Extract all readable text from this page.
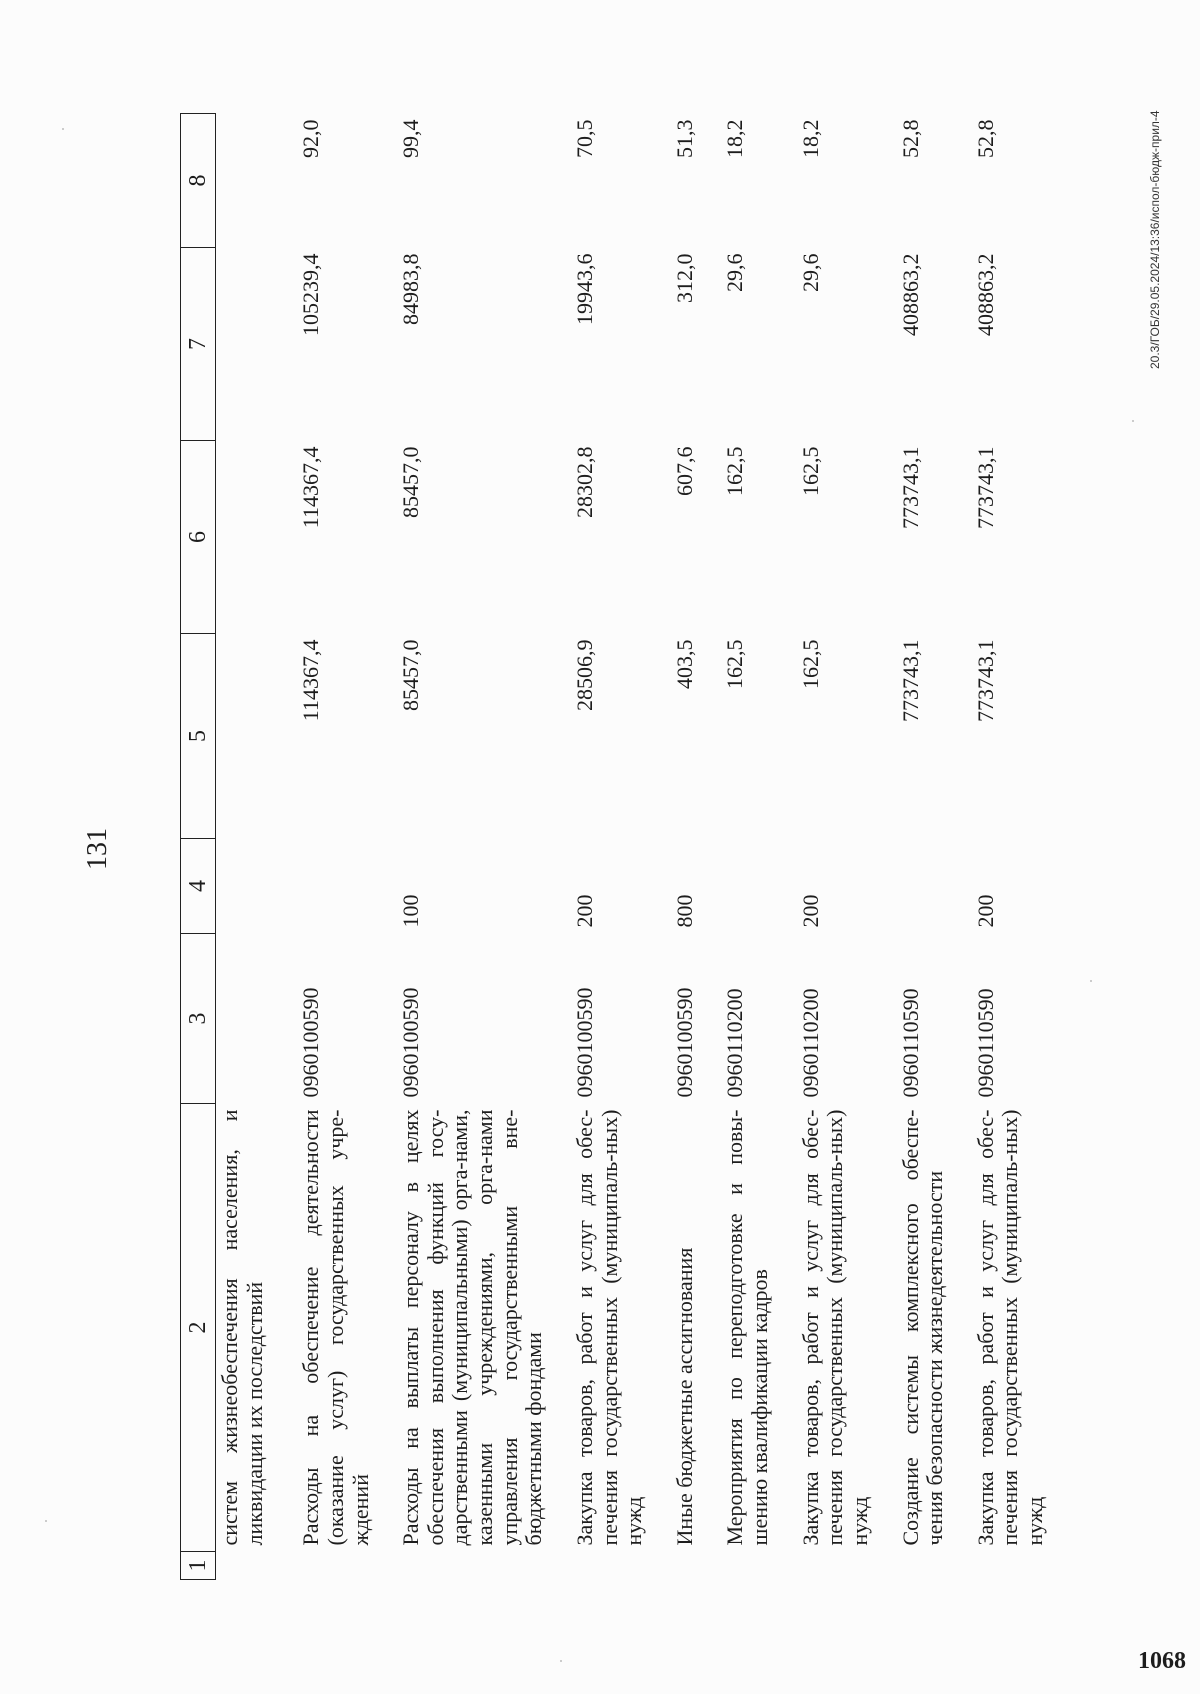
131
1	2	3	4	5	6	7	8
	систем жизнеобеспечения населения, и ликвидации их последствий						
	Расходы на обеспечение деятельности (оказание услуг) государственных учре-ждений	0960100590		114367,4	114367,4	105239,4	92,0
	Расходы на выплаты персоналу в целях обеспечения выполнения функций госу-дарственными (муниципальными) орга-нами, казенными учреждениями, орга-нами управления государственными вне-бюджетными фондами	0960100590	100	85457,0	85457,0	84983,8	99,4
	Закупка товаров, работ и услуг для обес-печения государственных (муниципаль-ных) нужд	0960100590	200	28506,9	28302,8	19943,6	70,5
	Иные бюджетные ассигнования	0960100590	800	403,5	607,6	312,0	51,3
	Мероприятия по переподготовке и повы-шению квалификации кадров	0960110200		162,5	162,5	29,6	18,2
	Закупка товаров, работ и услуг для обес-печения государственных (муниципаль-ных) нужд	0960110200	200	162,5	162,5	29,6	18,2
	Создание системы комплексного обеспе-чения безопасности жизнедеятельности	0960110590		773743,1	773743,1	408863,2	52,8
	Закупка товаров, работ и услуг для обес-печения государственных (муниципаль-ных) нужд	0960110590	200	773743,1	773743,1	408863,2	52,8	20.3/ГОБ/29.05.2024/13:36/испол-бюдж-прил-4
1068
